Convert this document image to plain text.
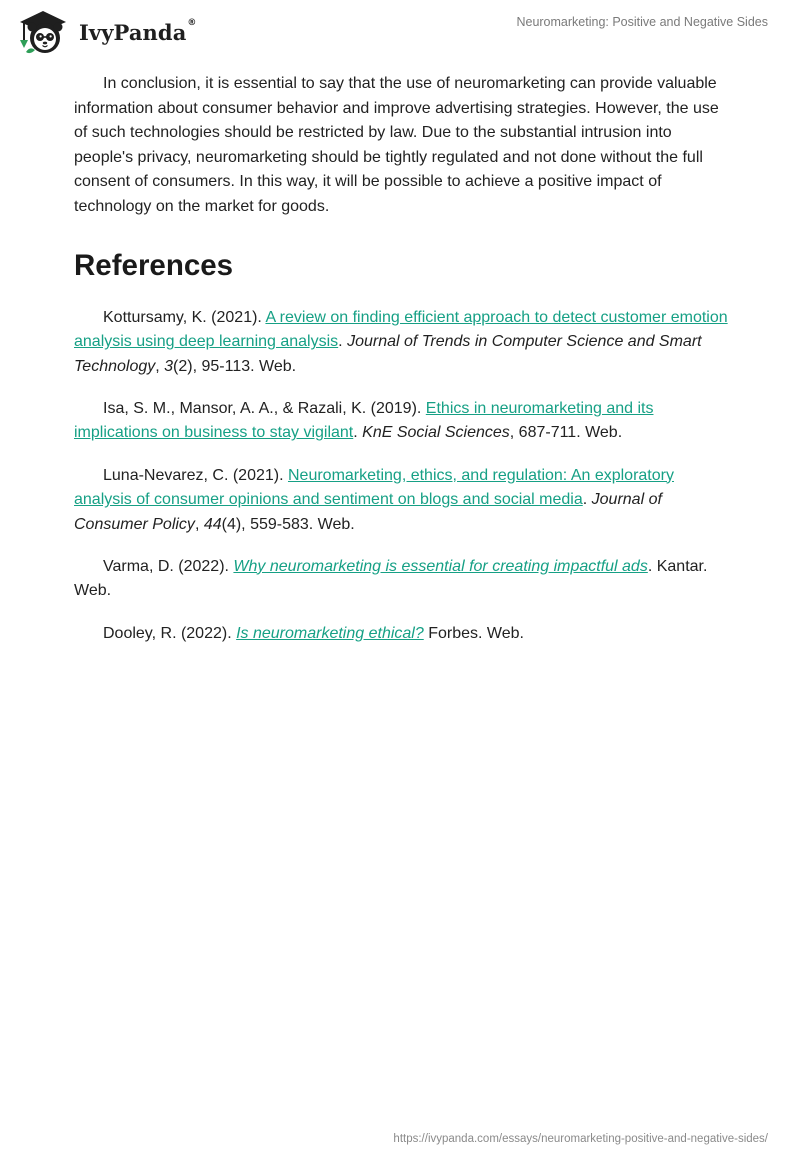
IvyPanda®	Neuromarketing: Positive and Negative Sides

In conclusion, it is essential to say that the use of neuromarketing can provide valuable information about consumer behavior and improve advertising strategies. However, the use of such technologies should be restricted by law. Due to the substantial intrusion into people's privacy, neuromarketing should be tightly regulated and not done without the full consent of consumers. In this way, it will be possible to achieve a positive impact of technology on the market for goods.

References

Kottursamy, K. (2021). A review on finding efficient approach to detect customer emotion analysis using deep learning analysis. Journal of Trends in Computer Science and Smart Technology, 3(2), 95-113. Web.

Isa, S. M., Mansor, A. A., & Razali, K. (2019). Ethics in neuromarketing and its implications on business to stay vigilant. KnE Social Sciences, 687-711. Web.

Luna-Nevarez, C. (2021). Neuromarketing, ethics, and regulation: An exploratory analysis of consumer opinions and sentiment on blogs and social media. Journal of Consumer Policy, 44(4), 559-583. Web.

Varma, D. (2022). Why neuromarketing is essential for creating impactful ads. Kantar. Web.

Dooley, R. (2022). Is neuromarketing ethical? Forbes. Web.

https://ivypanda.com/essays/neuromarketing-positive-and-negative-sides/
